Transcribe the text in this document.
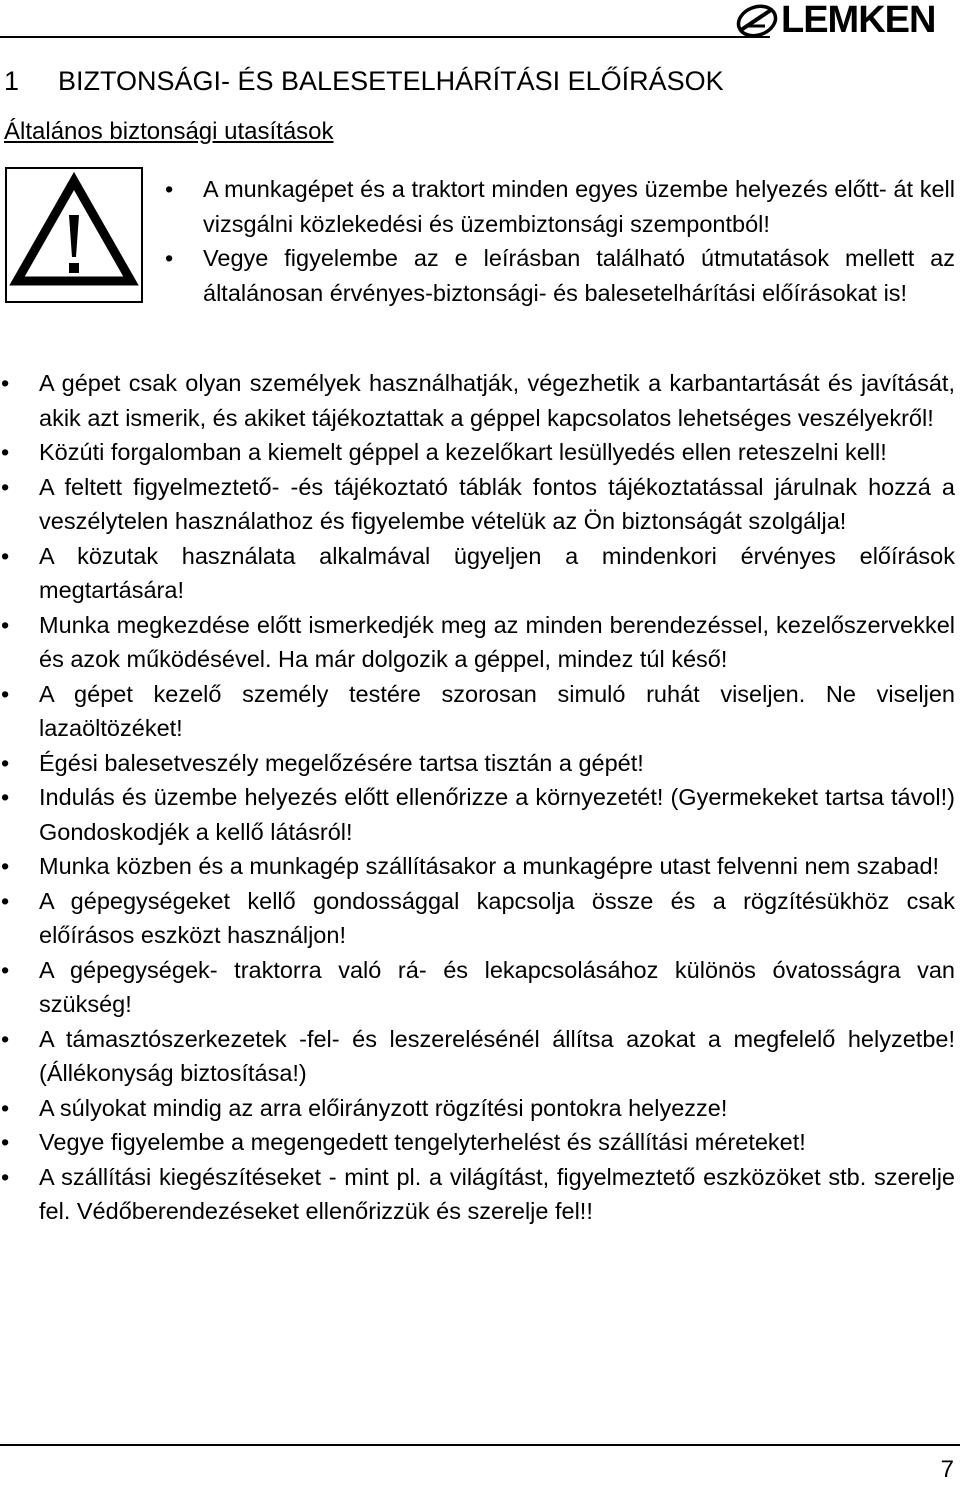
LEMKEN
1 BIZTONSÁGI- ÉS BALESETELHÁRÍTÁSI ELŐÍRÁSOK
Általános biztonsági utasítások
• A munkagépet és a traktort minden egyes üzembe helyezés előtt- át kell vizsgálni közlekedési és üzembiztonsági szempontból!
• Vegye figyelembe az e leírásban található útmutatások mellett az általánosan érvényes-biztonsági- és balesetelhárítási előírásokat is!
• A gépet csak olyan személyek használhatják, végezhetik a karbantartását és javítását, akik azt ismerik, és akiket tájékoztattak a géppel kapcsolatos lehetséges veszélyekről!
• Közúti forgalomban a kiemelt géppel a kezelőkart lesüllyedés ellen reteszelni kell!
• A feltett figyelmeztető- -és tájékoztató táblák fontos tájékoztatással járulnak hozzá a veszélytelen használathoz és figyelembe vételük az Ön biztonságát szolgálja!
• A közutak használata alkalmával ügyeljen a mindenkori érvényes előírások megtartására!
• Munka megkezdése előtt ismerkedjék meg az minden berendezéssel, kezelőszervekkel és azok működésével. Ha már dolgozik a géppel, mindez túl késő!
• A gépet kezelő személy testére szorosan simuló ruhát viseljen. Ne viseljen lazaöltözéket!
• Égési balesetveszély megelőzésére tartsa tisztán a gépét!
• Indulás és üzembe helyezés előtt ellenőrizze a környezetét! (Gyermekeket tartsa távol!) Gondoskodjék a kellő látásról!
• Munka közben és a munkagép szállításakor a munkagépre utast felvenni nem szabad!
• A gépegységeket kellő gondossággal kapcsolja össze és a rögzítésükhöz csak előírásos eszközt használjon!
• A gépegységek- traktorra való rá- és lekapcsolásához különös óvatosságra van szükség!
• A támasztószerkezetek -fel- és leszerelésénél állítsa azokat a megfelelő helyzetbe! (Állékonyság biztosítása!)
• A súlyokat mindig az arra előirányzott rögzítési pontokra helyezze!
• Vegye figyelembe a megengedett tengelyterhelést és szállítási méreteket!
• A szállítási kiegészítéseket - mint pl. a világítást, figyelmeztető eszközöket stb. szerelje fel. Védőberendezéseket ellenőrizzük és szerelje fel!!
7
